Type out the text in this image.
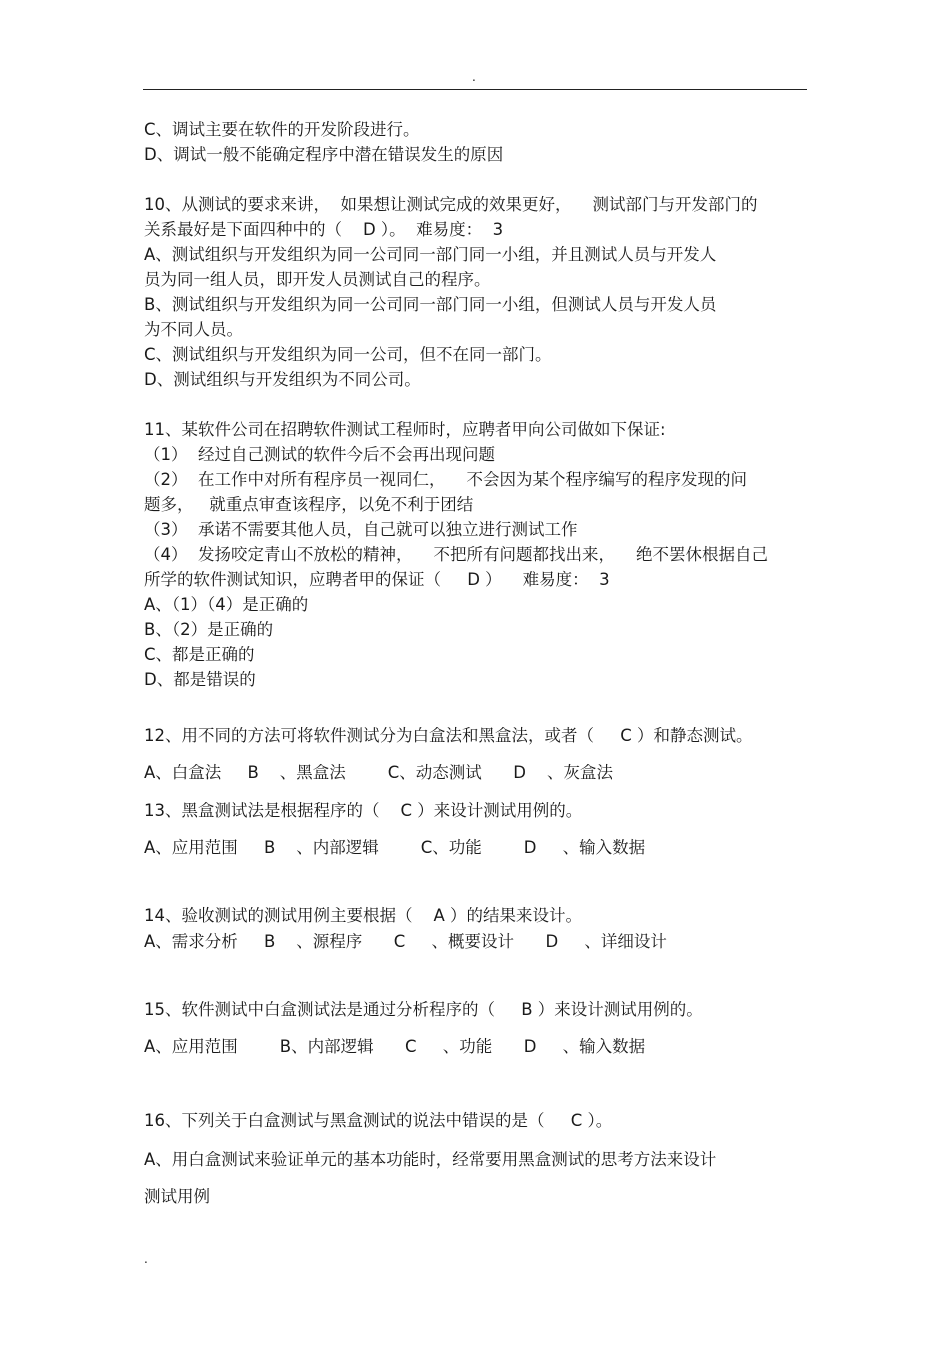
.
C、调试主要在软件的开发阶段进行。
D、调试一般不能确定程序中潜在错误发生的原因
10、从测试的要求来讲，  如果想让测试完成的效果更好，    测试部门与开发部门的
关系最好是下面四种中的（    D ）。  难易度：  3
A、测试组织与开发组织为同一公司同一部门同一小组，并且测试人员与开发人
员为同一组人员，即开发人员测试自己的程序。
B、测试组织与开发组织为同一公司同一部门同一小组，但测试人员与开发人员
为不同人员。
C、测试组织与开发组织为同一公司，但不在同一部门。
D、测试组织与开发组织为不同公司。
11、某软件公司在招聘软件测试工程师时，应聘者甲向公司做如下保证:
（1）  经过自己测试的软件今后不会再出现问题
（2）  在工作中对所有程序员一视同仁，    不会因为某个程序编写的程序发现的问
题多，   就重点审查该程序，以免不利于团结
（3）  承诺不需要其他人员，自己就可以独立进行测试工作
（4）  发扬咬定青山不放松的精神，    不把所有问题都找出来，    绝不罢休根据自己
所学的软件测试知识，应聘者甲的保证（     D ）    难易度：  3
A、（1）（4）是正确的
B、（2）是正确的
C、都是正确的
D、都是错误的
12、用不同的方法可将软件测试分为白盒法和黑盒法，或者（     C ）和静态测试。
A、白盒法     B    、黑盒法        C、动态测试      D    、灰盒法
13、黑盒测试法是根据程序的（    C ）来设计测试用例的。
A、应用范围     B    、内部逻辑        C、功能        D     、输入数据
14、验收测试的测试用例主要根据（    A ）的结果来设计。
A、需求分析     B    、源程序      C     、概要设计      D     、详细设计
15、软件测试中白盒测试法是通过分析程序的（     B ）来设计测试用例的。
A、应用范围        B、内部逻辑      C     、功能      D     、输入数据
16、下列关于白盒测试与黑盒测试的说法中错误的是（     C ）。
A、用白盒测试来验证单元的基本功能时，经常要用黑盒测试的思考方法来设计
测试用例
.
